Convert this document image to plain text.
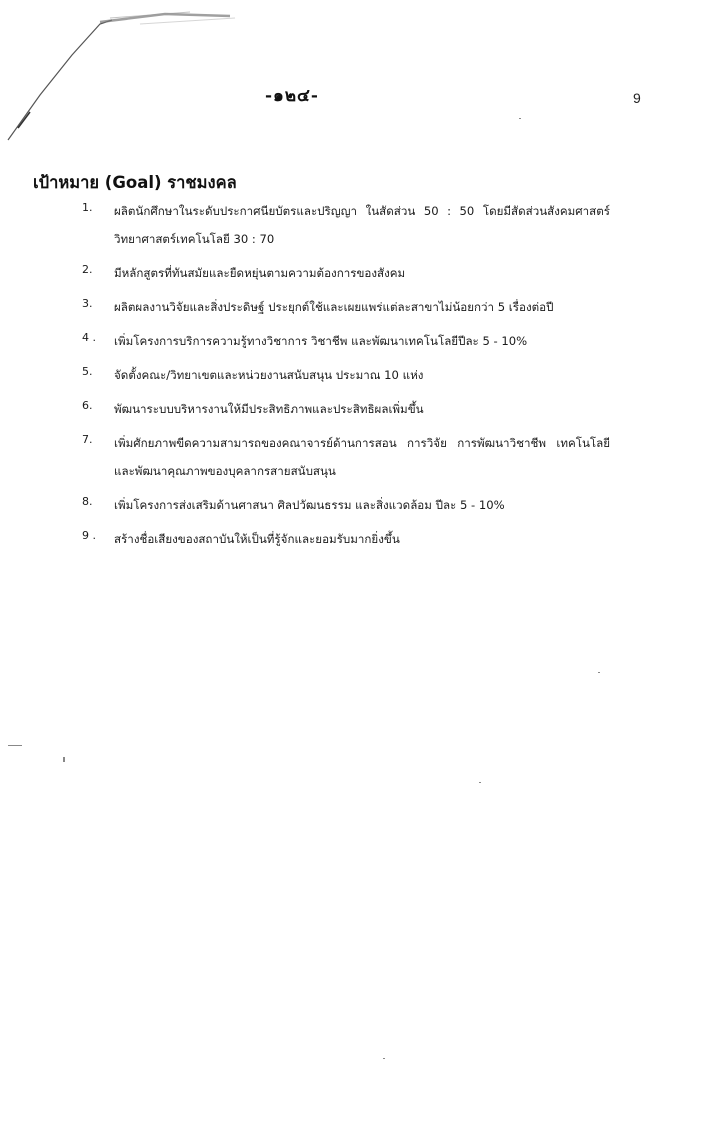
-๑๒๔-	9
เป้าหมาย (Goal) ราชมงคล
1. ผลิตนักศึกษาในระดับประกาศนียบัตรและปริญญา ในสัดส่วน 50 : 50 โดยมีสัดส่วนสังคมศาสตร์ วิทยาศาสตร์เทคโนโลยี 30 : 70
2. มีหลักสูตรที่ทันสมัยและยืดหยุ่นตามความต้องการของสังคม
3. ผลิตผลงานวิจัยและสิ่งประดิษฐ์ ประยุกต์ใช้และเผยแพร่แต่ละสาขาไม่น้อยกว่า 5 เรื่องต่อปี
4 . เพิ่มโครงการบริการความรู้ทางวิชาการ วิชาชีพ และพัฒนาเทคโนโลยีปีละ 5 - 10%
5. จัดตั้งคณะ/วิทยาเขตและหน่วยงานสนับสนุน ประมาณ 10 แห่ง
6. พัฒนาระบบบริหารงานให้มีประสิทธิภาพและประสิทธิผลเพิ่มขึ้น
7. เพิ่มศักยภาพขีดความสามารถของคณาจารย์ด้านการสอน การวิจัย การพัฒนาวิชาชีพ เทคโนโลยี และพัฒนาคุณภาพของบุคลากรสายสนับสนุน
8. เพิ่มโครงการส่งเสริมด้านศาสนา ศิลปวัฒนธรรม และสิ่งแวดล้อม ปีละ 5 - 10%
9 . สร้างชื่อเสียงของสถาบันให้เป็นที่รู้จักและยอมรับมากยิ่งขึ้น
